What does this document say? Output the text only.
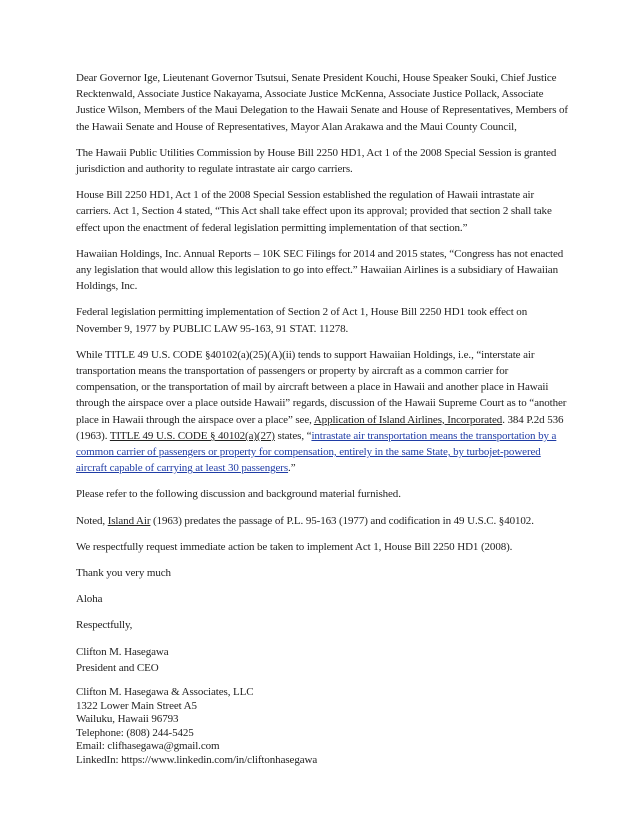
Dear Governor Ige, Lieutenant Governor Tsutsui, Senate President Kouchi, House Speaker Souki, Chief Justice Recktenwald, Associate Justice Nakayama, Associate Justice McKenna, Associate Justice Pollack, Associate Justice Wilson, Members of the Maui Delegation to the Hawaii Senate and House of Representatives, Members of the Hawaii Senate and House of Representatives, Mayor Alan Arakawa and the Maui County Council,

The Hawaii Public Utilities Commission by House Bill 2250 HD1, Act 1 of the 2008 Special Session is granted jurisdiction and authority to regulate intrastate air cargo carriers.

House Bill 2250 HD1, Act 1 of the 2008 Special Session established the regulation of Hawaii intrastate air carriers. Act 1, Section 4 stated, “This Act shall take effect upon its approval; provided that section 2 shall take effect upon the enactment of federal legislation permitting implementation of that section.”

Hawaiian Holdings, Inc. Annual Reports – 10K SEC Filings for 2014 and 2015 states, “Congress has not enacted any legislation that would allow this legislation to go into effect.” Hawaiian Airlines is a subsidiary of Hawaiian Holdings, Inc.

Federal legislation permitting implementation of Section 2 of Act 1, House Bill 2250 HD1 took effect on November 9, 1977 by PUBLIC LAW 95-163, 91 STAT. 11278.

While TITLE 49 U.S. CODE §40102(a)(25)(A)(ii) tends to support Hawaiian Holdings, i.e., “interstate air transportation means the transportation of passengers or property by aircraft as a common carrier for compensation, or the transportation of mail by aircraft between a place in Hawaii and another place in Hawaii through the airspace over a place outside Hawaii” regards, discussion of the Hawaii Supreme Court as to “another place in Hawaii through the airspace over a place” see, Application of Island Airlines, Incorporated. 384 P.2d 536 (1963). TITLE 49 U.S. CODE § 40102(a)(27) states, “intrastate air transportation means the transportation by a common carrier of passengers or property for compensation, entirely in the same State, by turbojet-powered aircraft capable of carrying at least 30 passengers.”

Please refer to the following discussion and background material furnished.

Noted, Island Air (1963) predates the passage of P.L. 95-163 (1977) and codification in 49 U.S.C. §40102.

We respectfully request immediate action be taken to implement Act 1, House Bill 2250 HD1 (2008).

Thank you very much

Aloha

Respectfully,

Clifton M. Hasegawa
President and CEO
Clifton M. Hasegawa & Associates, LLC
1322 Lower Main Street A5
Wailuku, Hawaii 96793
Telephone: (808) 244-5425
Email: clifhasegawa@gmail.com
LinkedIn: https://www.linkedin.com/in/cliftonhasegawa
